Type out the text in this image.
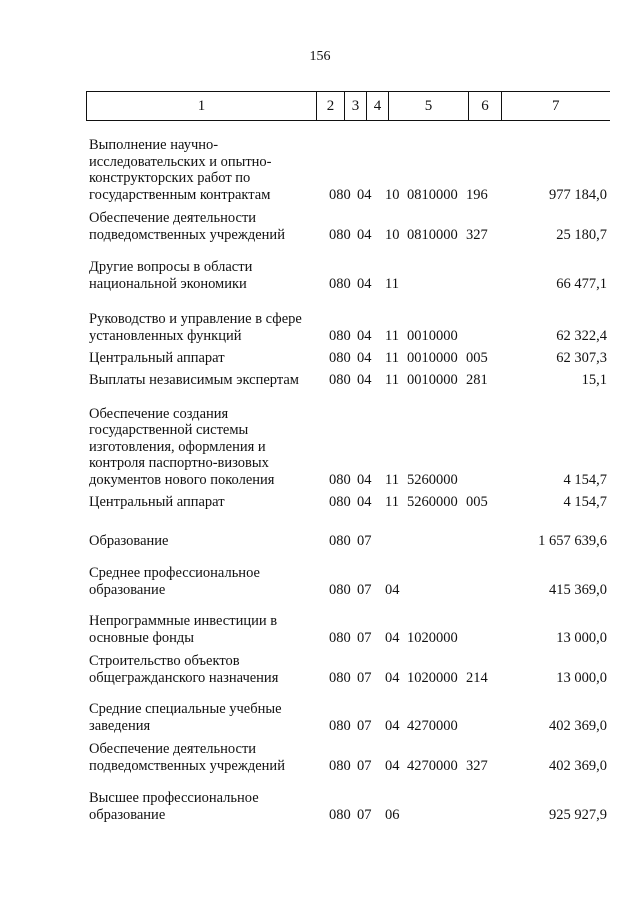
156
1	2	3	4	5	6	7
Выполнение научно-
исследовательских и опытно-
конструкторских работ по
государственным контрактам	080 04 10 0810000 196	977 184,0
Обеспечение деятельности
подведомственных учреждений	080 04 10 0810000 327	25 180,7
Другие вопросы в области
национальной экономики	080 04 11	66 477,1
Руководство и управление в сфере
установленных функций	080 04 11 0010000	62 322,4
Центральный аппарат	080 04 11 0010000 005	62 307,3
Выплаты независимым экспертам	080 04 11 0010000 281	15,1
Обеспечение создания
государственной системы
изготовления, оформления и
контроля паспортно-визовых
документов нового поколения	080 04 11 5260000	4 154,7
Центральный аппарат	080 04 11 5260000 005	4 154,7
Образование	080 07	1 657 639,6
Среднее профессиональное
образование	080 07 04	415 369,0
Непрограммные инвестиции в
основные фонды	080 07 04 1020000	13 000,0
Строительство объектов
общегражданского назначения	080 07 04 1020000 214	13 000,0
Средние специальные учебные
заведения	080 07 04 4270000	402 369,0
Обеспечение деятельности
подведомственных учреждений	080 07 04 4270000 327	402 369,0
Высшее профессиональное
образование	080 07 06	925 927,9
